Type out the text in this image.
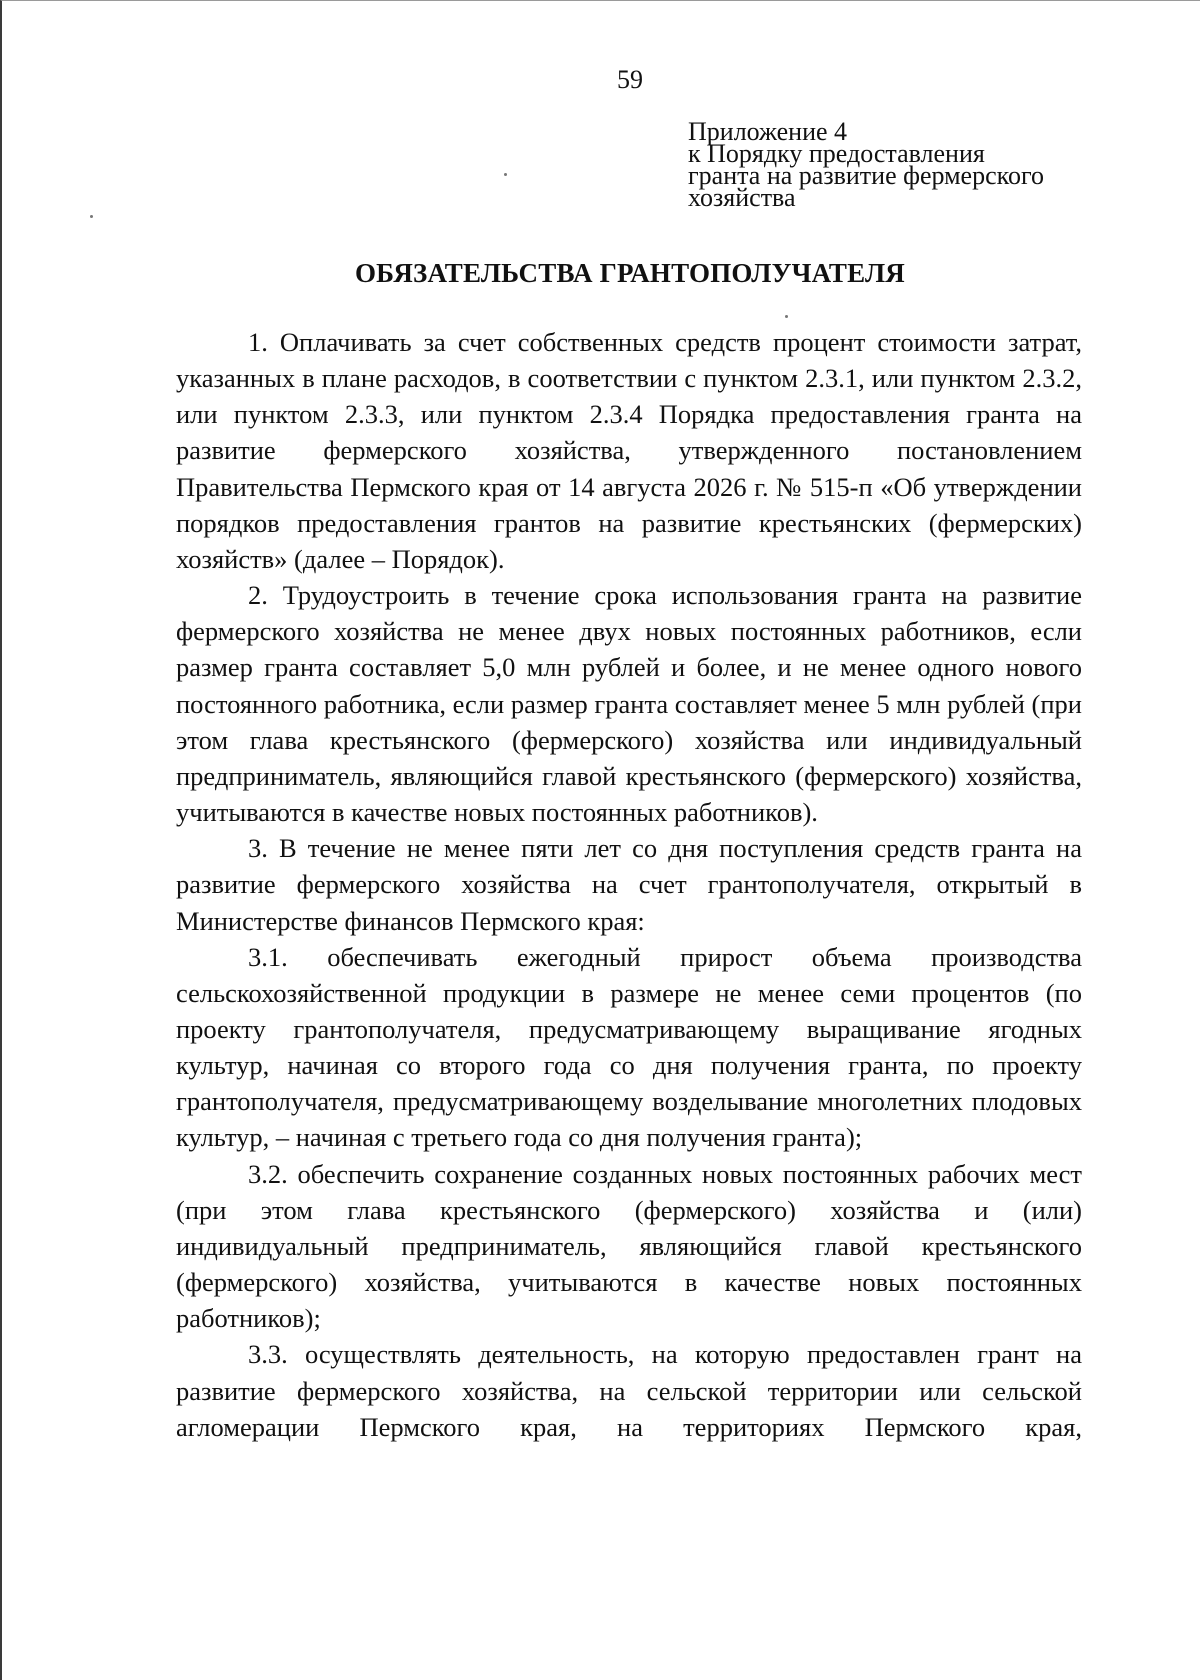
59
Приложение 4
к Порядку предоставления
гранта на развитие фермерского
хозяйства
ОБЯЗАТЕЛЬСТВА ГРАНТОПОЛУЧАТЕЛЯ

1. Оплачивать за счет собственных средств процент стоимости затрат, указанных в плане расходов, в соответствии с пунктом 2.3.1, или пунктом 2.3.2, или пунктом 2.3.3, или пунктом 2.3.4 Порядка предоставления гранта на развитие фермерского хозяйства, утвержденного постановлением Правительства Пермского края от 14 августа 2026 г. № 515-п «Об утверждении порядков предоставления грантов на развитие крестьянских (фермерских) хозяйств» (далее – Порядок).

2. Трудоустроить в течение срока использования гранта на развитие фермерского хозяйства не менее двух новых постоянных работников, если размер гранта составляет 5,0 млн рублей и более, и не менее одного нового постоянного работника, если размер гранта составляет менее 5 млн рублей (при этом глава крестьянского (фермерского) хозяйства или индивидуальный предприниматель, являющийся главой крестьянского (фермерского) хозяйства, учитываются в качестве новых постоянных работников).

3. В течение не менее пяти лет со дня поступления средств гранта на развитие фермерского хозяйства на счет грантополучателя, открытый в Министерстве финансов Пермского края:

3.1. обеспечивать ежегодный прирост объема производства сельскохозяйственной продукции в размере не менее семи процентов (по проекту грантополучателя, предусматривающему выращивание ягодных культур, начиная со второго года со дня получения гранта, по проекту грантополучателя, предусматривающему возделывание многолетних плодовых культур, – начиная с третьего года со дня получения гранта);

3.2. обеспечить сохранение созданных новых постоянных рабочих мест (при этом глава крестьянского (фермерского) хозяйства и (или) индивидуальный предприниматель, являющийся главой крестьянского (фермерского) хозяйства, учитываются в качестве новых постоянных работников);

3.3. осуществлять деятельность, на которую предоставлен грант на развитие фермерского хозяйства, на сельской территории или сельской агломерации Пермского края, на территориях Пермского края,
